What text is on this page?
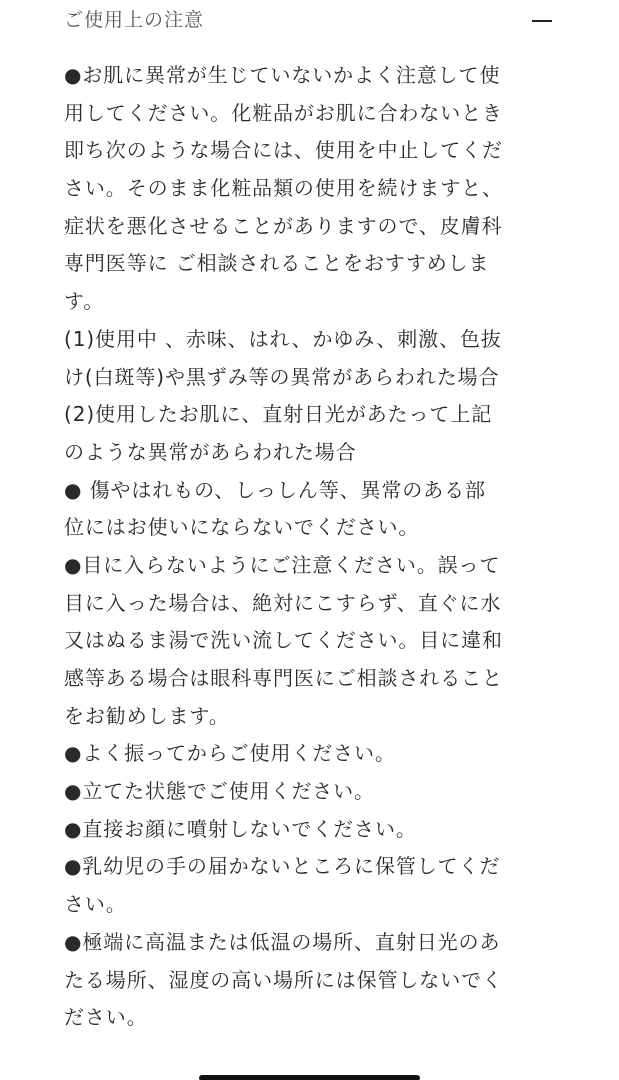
ご使用上の注意
●お肌に異常が生じていないかよく注意して使
用してください。化粧品がお肌に合わないとき
即ち次のような場合には、使用を中止してくだ
さい。そのまま化粧品類の使用を続けますと、
症状を悪化させることがありますので、皮膚科
専門医等に ご相談されることをおすすめしま
す。
(1)使用中 、赤味、はれ、かゆみ、刺激、色抜
け(白斑等)や黒ずみ等の異常があらわれた場合
(2)使用したお肌に、直射日光があたって上記
のような異常があらわれた場合
● 傷やはれもの、しっしん等、異常のある部
位にはお使いにならないでください。
●目に入らないようにご注意ください。誤って
目に入った場合は、絶対にこすらず、直ぐに水
又はぬるま湯で洗い流してください。目に違和
感等ある場合は眼科専門医にご相談されること
をお勧めします。
●よく振ってからご使用ください。
●立てた状態でご使用ください。
●直接お顔に噴射しないでください。
●乳幼児の手の届かないところに保管してくだ
さい。
●極端に高温または低温の場所、直射日光のあ
たる場所、湿度の高い場所には保管しないでく
ださい。
